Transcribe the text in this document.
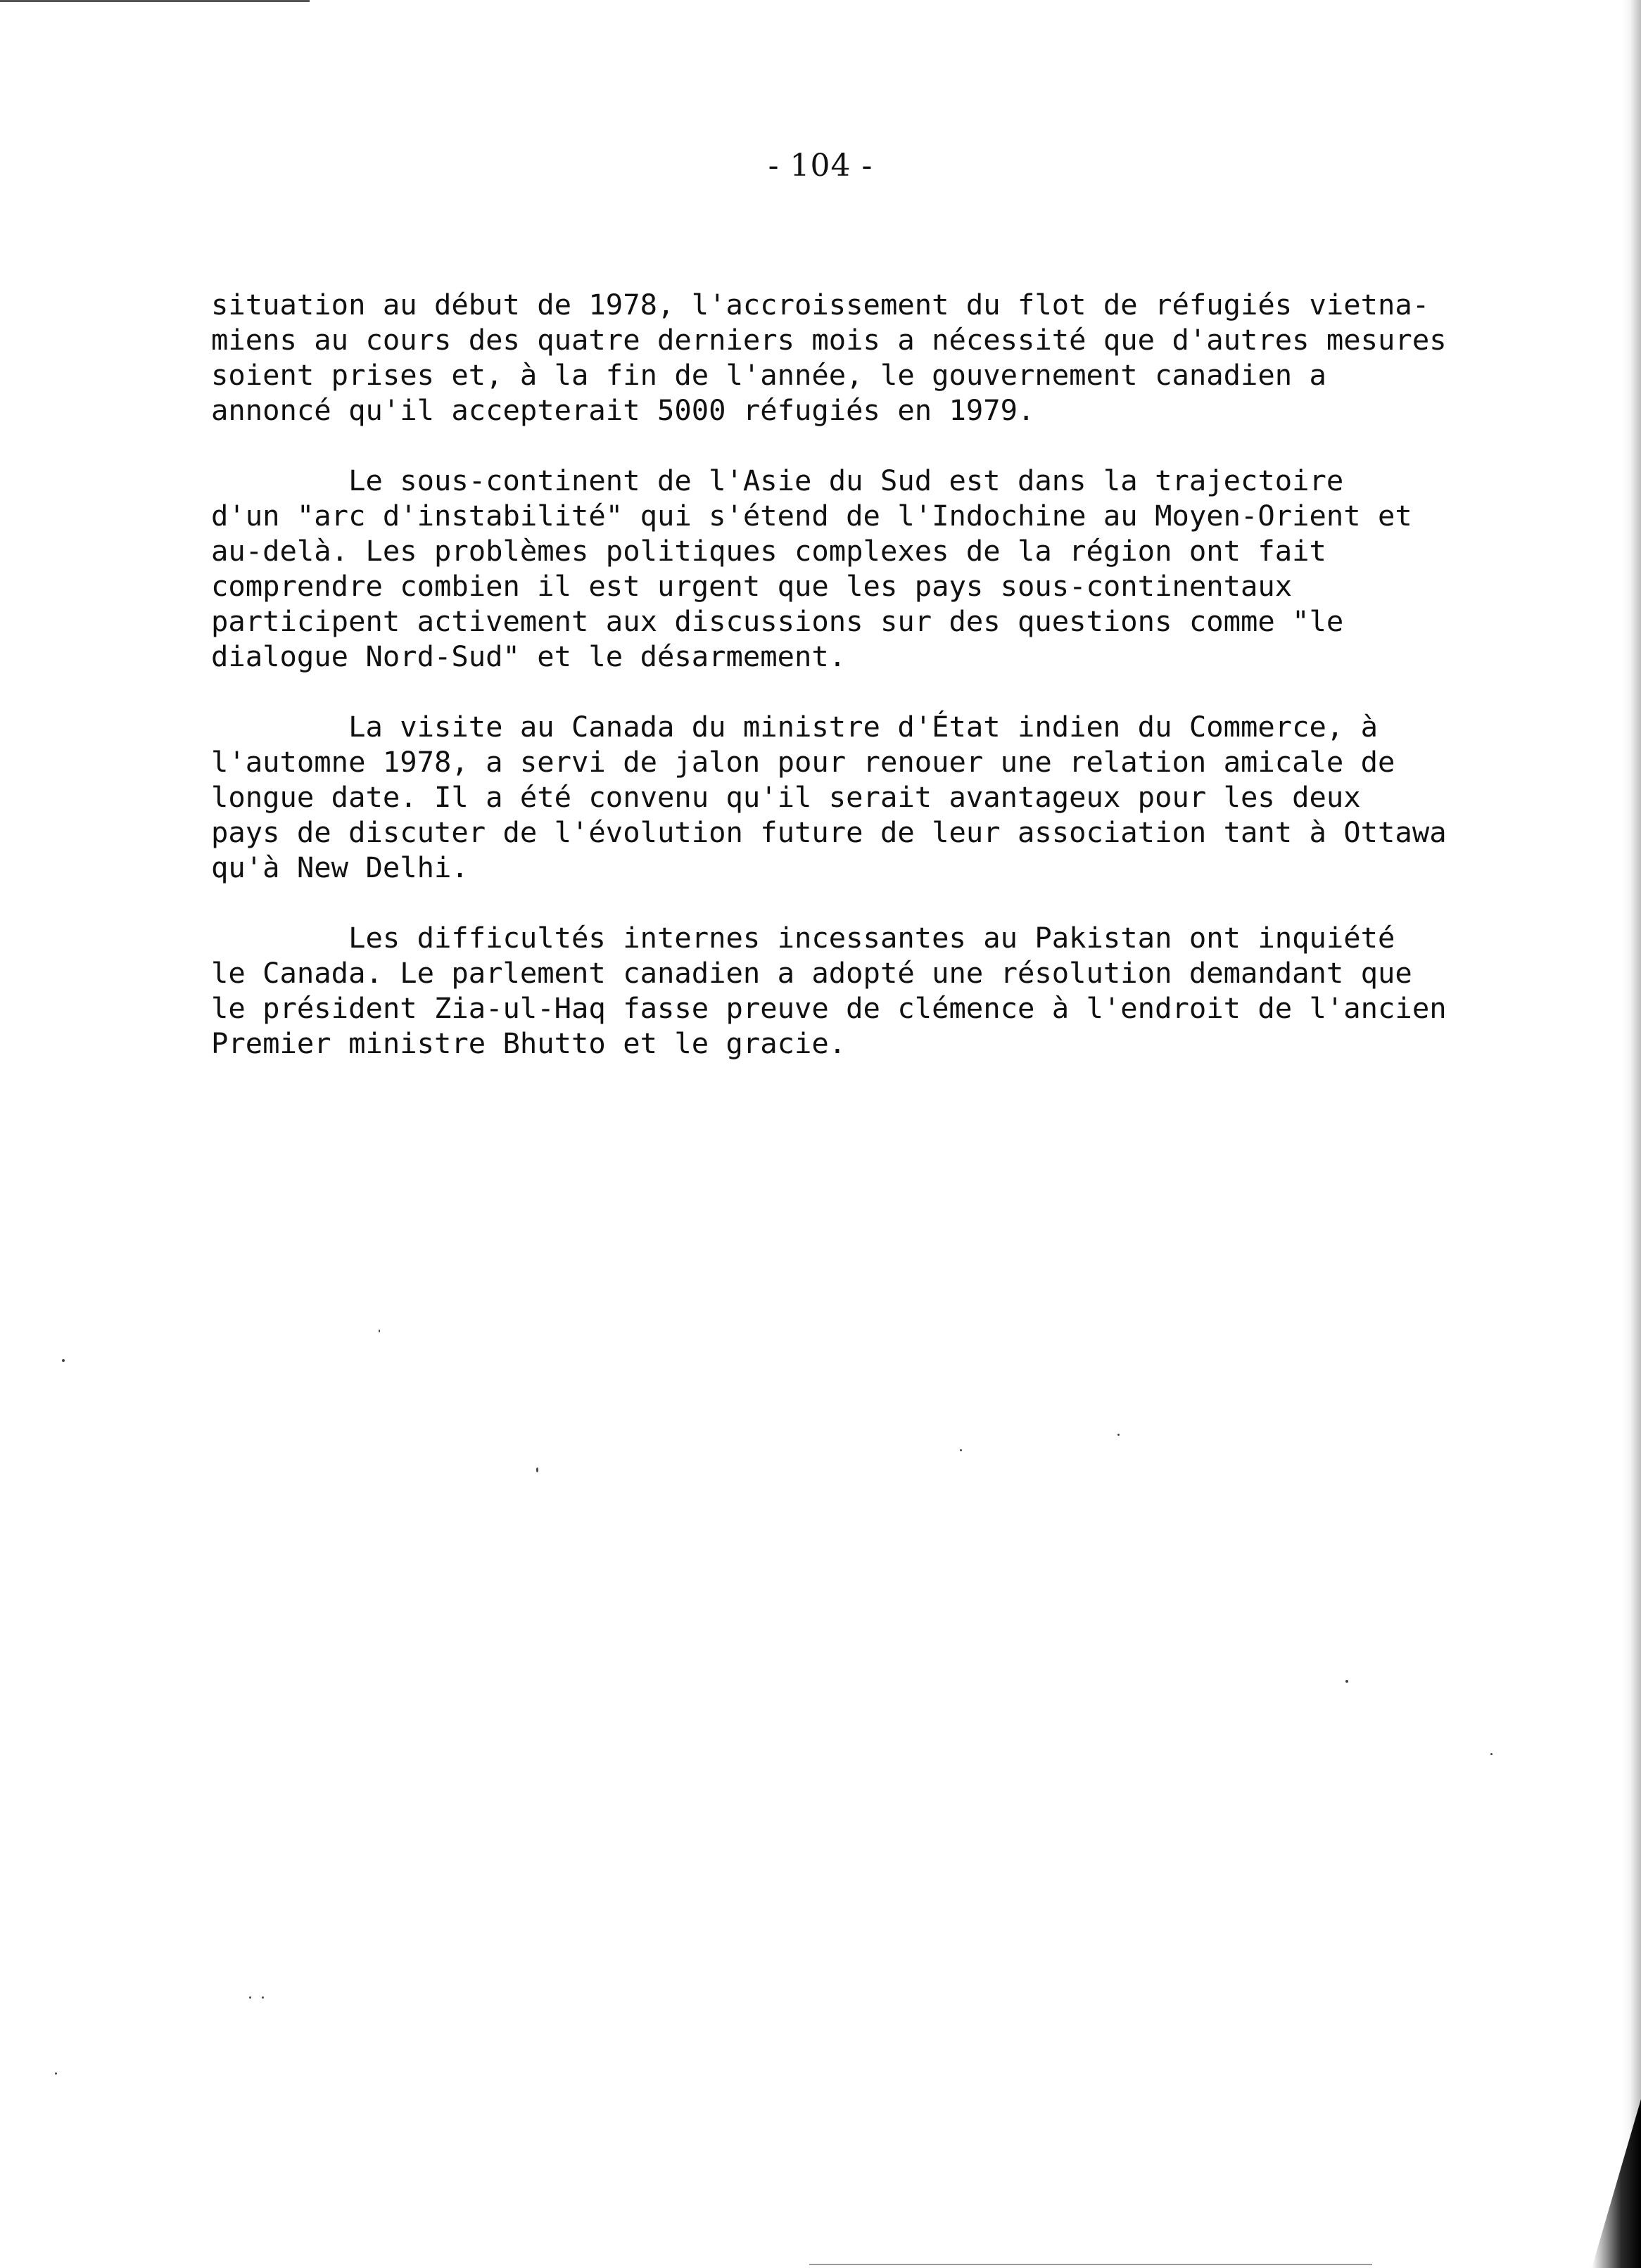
- 104 -

situation au début de 1978, l'accroissement du flot de réfugiés vietna-
miens au cours des quatre derniers mois a nécessité que d'autres mesures
soient prises et, à la fin de l'année, le gouvernement canadien a
annoncé qu'il accepterait 5000 réfugiés en 1979.

Le sous-continent de l'Asie du Sud est dans la trajectoire
d'un "arc d'instabilité" qui s'étend de l'Indochine au Moyen-Orient et
au-delà. Les problèmes politiques complexes de la région ont fait
comprendre combien il est urgent que les pays sous-continentaux
participent activement aux discussions sur des questions comme "le
dialogue Nord-Sud" et le désarmement.

La visite au Canada du ministre d'État indien du Commerce, à
l'automne 1978, a servi de jalon pour renouer une relation amicale de
longue date. Il a été convenu qu'il serait avantageux pour les deux
pays de discuter de l'évolution future de leur association tant à Ottawa
qu'à New Delhi.

Les difficultés internes incessantes au Pakistan ont inquiété
le Canada. Le parlement canadien a adopté une résolution demandant que
le président Zia-ul-Haq fasse preuve de clémence à l'endroit de l'ancien
Premier ministre Bhutto et le gracie.
